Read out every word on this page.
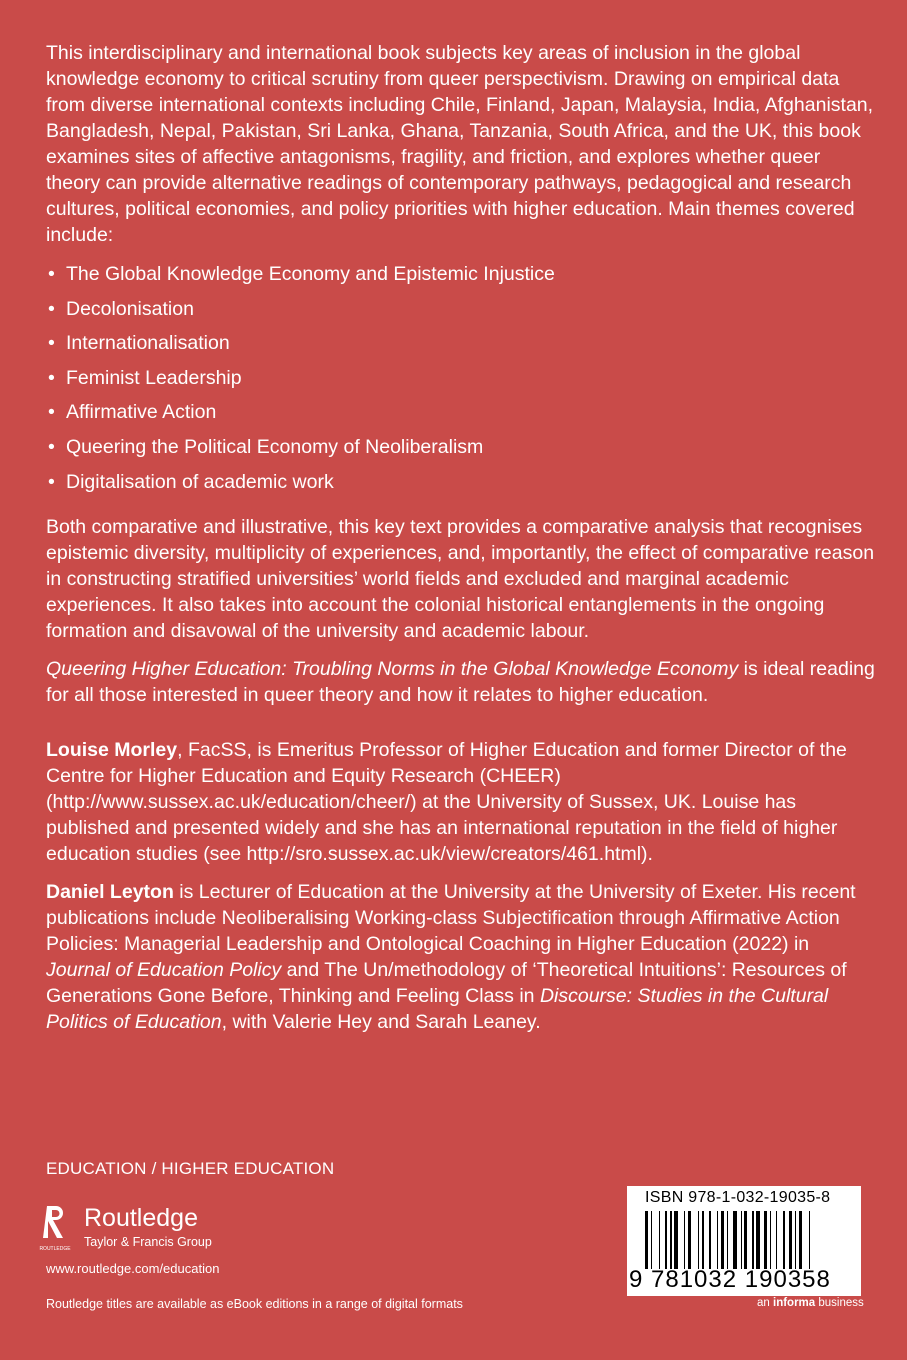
This interdisciplinary and international book subjects key areas of inclusion in the global knowledge economy to critical scrutiny from queer perspectivism. Drawing on empirical data from diverse international contexts including Chile, Finland, Japan, Malaysia, India, Afghanistan, Bangladesh, Nepal, Pakistan, Sri Lanka, Ghana, Tanzania, South Africa, and the UK, this book examines sites of affective antagonisms, fragility, and friction, and explores whether queer theory can provide alternative readings of contemporary pathways, pedagogical and research cultures, political economies, and policy priorities with higher education. Main themes covered include:

• The Global Knowledge Economy and Epistemic Injustice
• Decolonisation
• Internationalisation
• Feminist Leadership
• Affirmative Action
• Queering the Political Economy of Neoliberalism
• Digitalisation of academic work

Both comparative and illustrative, this key text provides a comparative analysis that recognises epistemic diversity, multiplicity of experiences, and, importantly, the effect of comparative reason in constructing stratified universities’ world fields and excluded and marginal academic experiences. It also takes into account the colonial historical entanglements in the ongoing formation and disavowal of the university and academic labour.

Queering Higher Education: Troubling Norms in the Global Knowledge Economy is ideal reading for all those interested in queer theory and how it relates to higher education.

Louise Morley, FacSS, is Emeritus Professor of Higher Education and former Director of the Centre for Higher Education and Equity Research (CHEER) (http://www.sussex.ac.uk/education/cheer/) at the University of Sussex, UK. Louise has published and presented widely and she has an international reputation in the field of higher education studies (see http://sro.sussex.ac.uk/view/creators/461.html).

Daniel Leyton is Lecturer of Education at the University at the University of Exeter. His recent publications include Neoliberalising Working-class Subjectification through Affirmative Action Policies: Managerial Leadership and Ontological Coaching in Higher Education (2022) in Journal of Education Policy and The Un/methodology of ‘Theoretical Intuitions’: Resources of Generations Gone Before, Thinking and Feeling Class in Discourse: Studies in the Cultural Politics of Education, with Valerie Hey and Sarah Leaney.

EDUCATION / HIGHER EDUCATION
ROUTLEDGE
Routledge
Taylor & Francis Group
www.routledge.com/education
Routledge titles are available as eBook editions in a range of digital formats
ISBN 978-1-032-19035-8
9 781032 190358
an informa business
